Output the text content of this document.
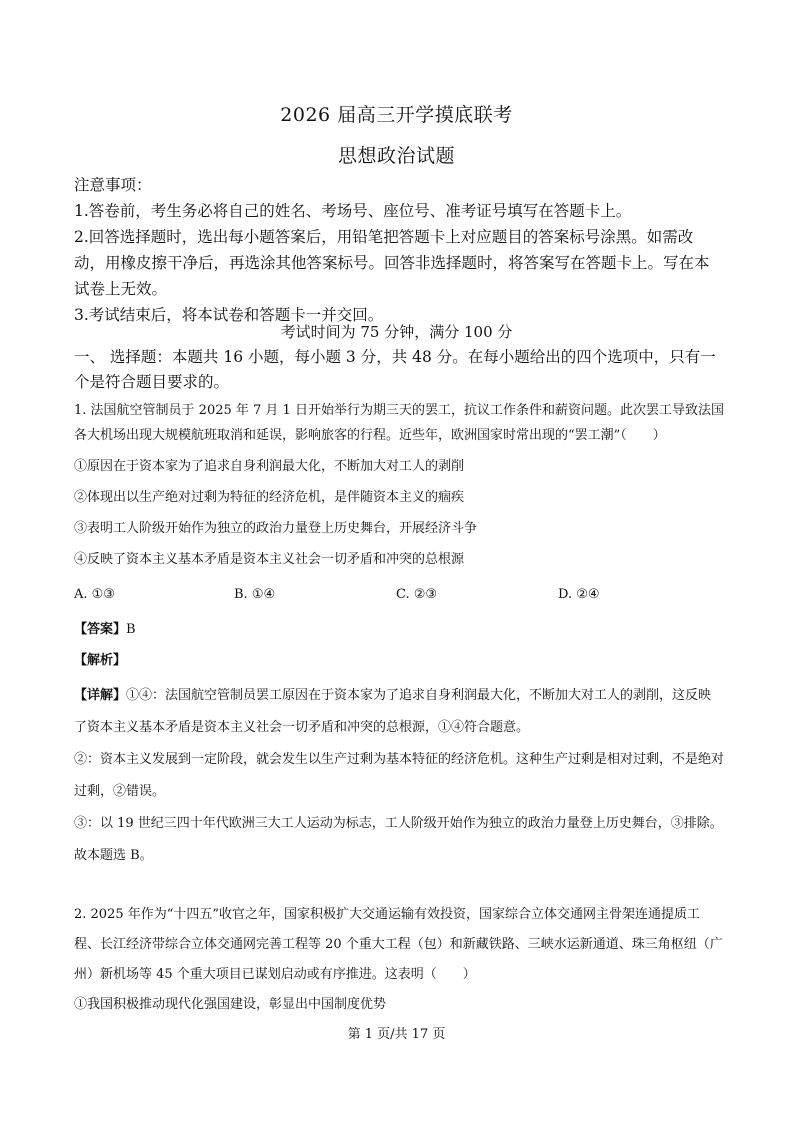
2026 届高三开学摸底联考
思想政治试题

注意事项：

1.答卷前，考生务必将自己的姓名、考场号、座位号、准考证号填写在答题卡上。

2.回答选择题时，选出每小题答案后，用铅笔把答题卡上对应题目的答案标号涂黑。如需改动，用橡皮擦干净后，再选涂其他答案标号。回答非选择题时，将答案写在答题卡上。写在本试卷上无效。

3.考试结束后，将本试卷和答题卡一并交回。

考试时间为 75 分钟，满分 100 分

一、 选择题：本题共 16 小题，每小题 3 分，共 48 分。在每小题给出的四个选项中，只有一个是符合题目要求的。

1. 法国航空管制员于 2025 年 7 月 1 日开始举行为期三天的罢工，抗议工作条件和薪资问题。此次罢工导致法国各大机场出现大规模航班取消和延误，影响旅客的行程。近些年，欧洲国家时常出现的“罢工潮”（　　）

①原因在于资本家为了追求自身利润最大化，不断加大对工人的剥削

②体现出以生产绝对过剩为特征的经济危机，是伴随资本主义的痼疾

③表明工人阶级开始作为独立的政治力量登上历史舞台，开展经济斗争

④反映了资本主义基本矛盾是资本主义社会一切矛盾和冲突的总根源

A. ①③	B. ①④	C. ②③	D. ②④

【答案】B

【解析】

【详解】①④：法国航空管制员罢工原因在于资本家为了追求自身利润最大化，不断加大对工人的剥削，这反映了资本主义基本矛盾是资本主义社会一切矛盾和冲突的总根源，①④符合题意。

②：资本主义发展到一定阶段，就会发生以生产过剩为基本特征的经济危机。这种生产过剩是相对过剩，不是绝对过剩，②错误。

③：以 19 世纪三四十年代欧洲三大工人运动为标志，工人阶级开始作为独立的政治力量登上历史舞台，③排除。

故本题选 B。

2. 2025 年作为“十四五”收官之年，国家积极扩大交通运输有效投资，国家综合立体交通网主骨架连通提质工程、长江经济带综合立体交通网完善工程等 20 个重大工程（包）和新藏铁路、三峡水运新通道、珠三角枢纽（广州）新机场等 45 个重大项目已谋划启动或有序推进。这表明（　　）

①我国积极推动现代化强国建设，彰显出中国制度优势

第 1 页/共 17 页
